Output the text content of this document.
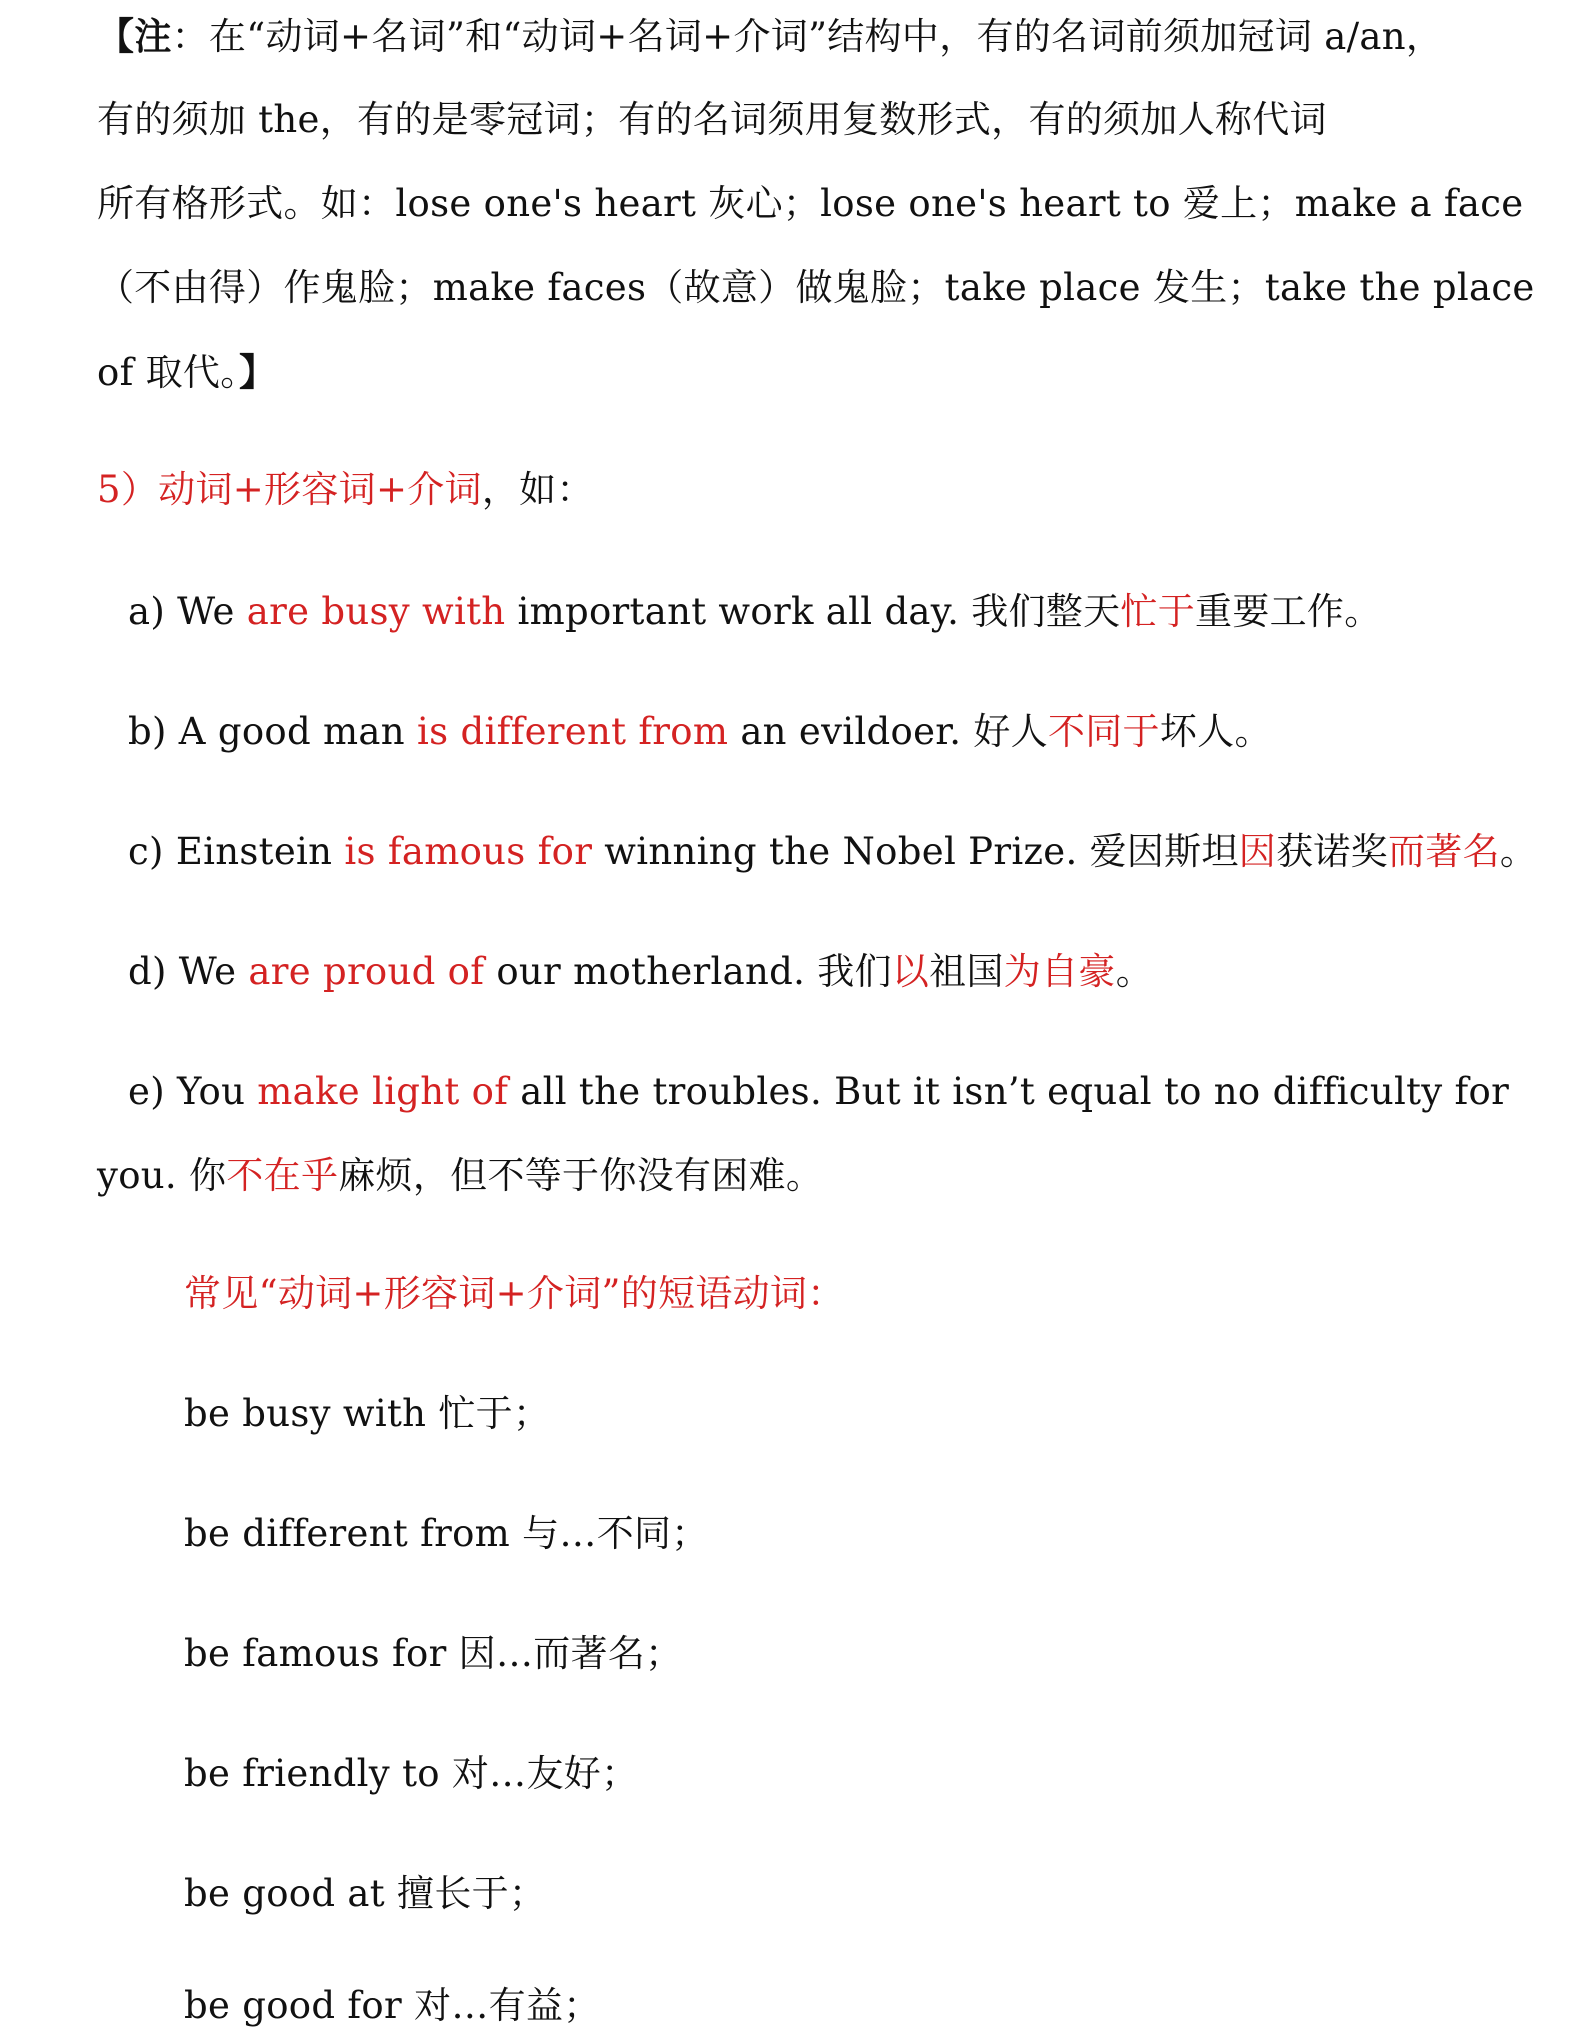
【注：在“动词+名词”和“动词+名词+介词”结构中，有的名词前须加冠词 a/an，
有的须加 the，有的是零冠词；有的名词须用复数形式，有的须加人称代词
所有格形式。如：lose one's heart 灰心；lose one's heart to 爱上；make a face
（不由得）作鬼脸；make faces（故意）做鬼脸；take place 发生；take the place
of 取代。】
5）动词+形容词+介词，如：
a) We are busy with important work all day. 我们整天忙于重要工作。
b) A good man is different from an evildoer. 好人不同于坏人。
c) Einstein is famous for winning the Nobel Prize. 爱因斯坦因获诺奖而著名。
d) We are proud of our motherland. 我们以祖国为自豪。
e) You make light of all the troubles. But it isn’t equal to no difficulty for
you. 你不在乎麻烦，但不等于你没有困难。
常见“动词+形容词+介词”的短语动词：
be busy with 忙于；
be different from 与…不同；
be famous for 因…而著名；
be friendly to 对…友好；
be good at 擅长于；
be good for 对…有益；
